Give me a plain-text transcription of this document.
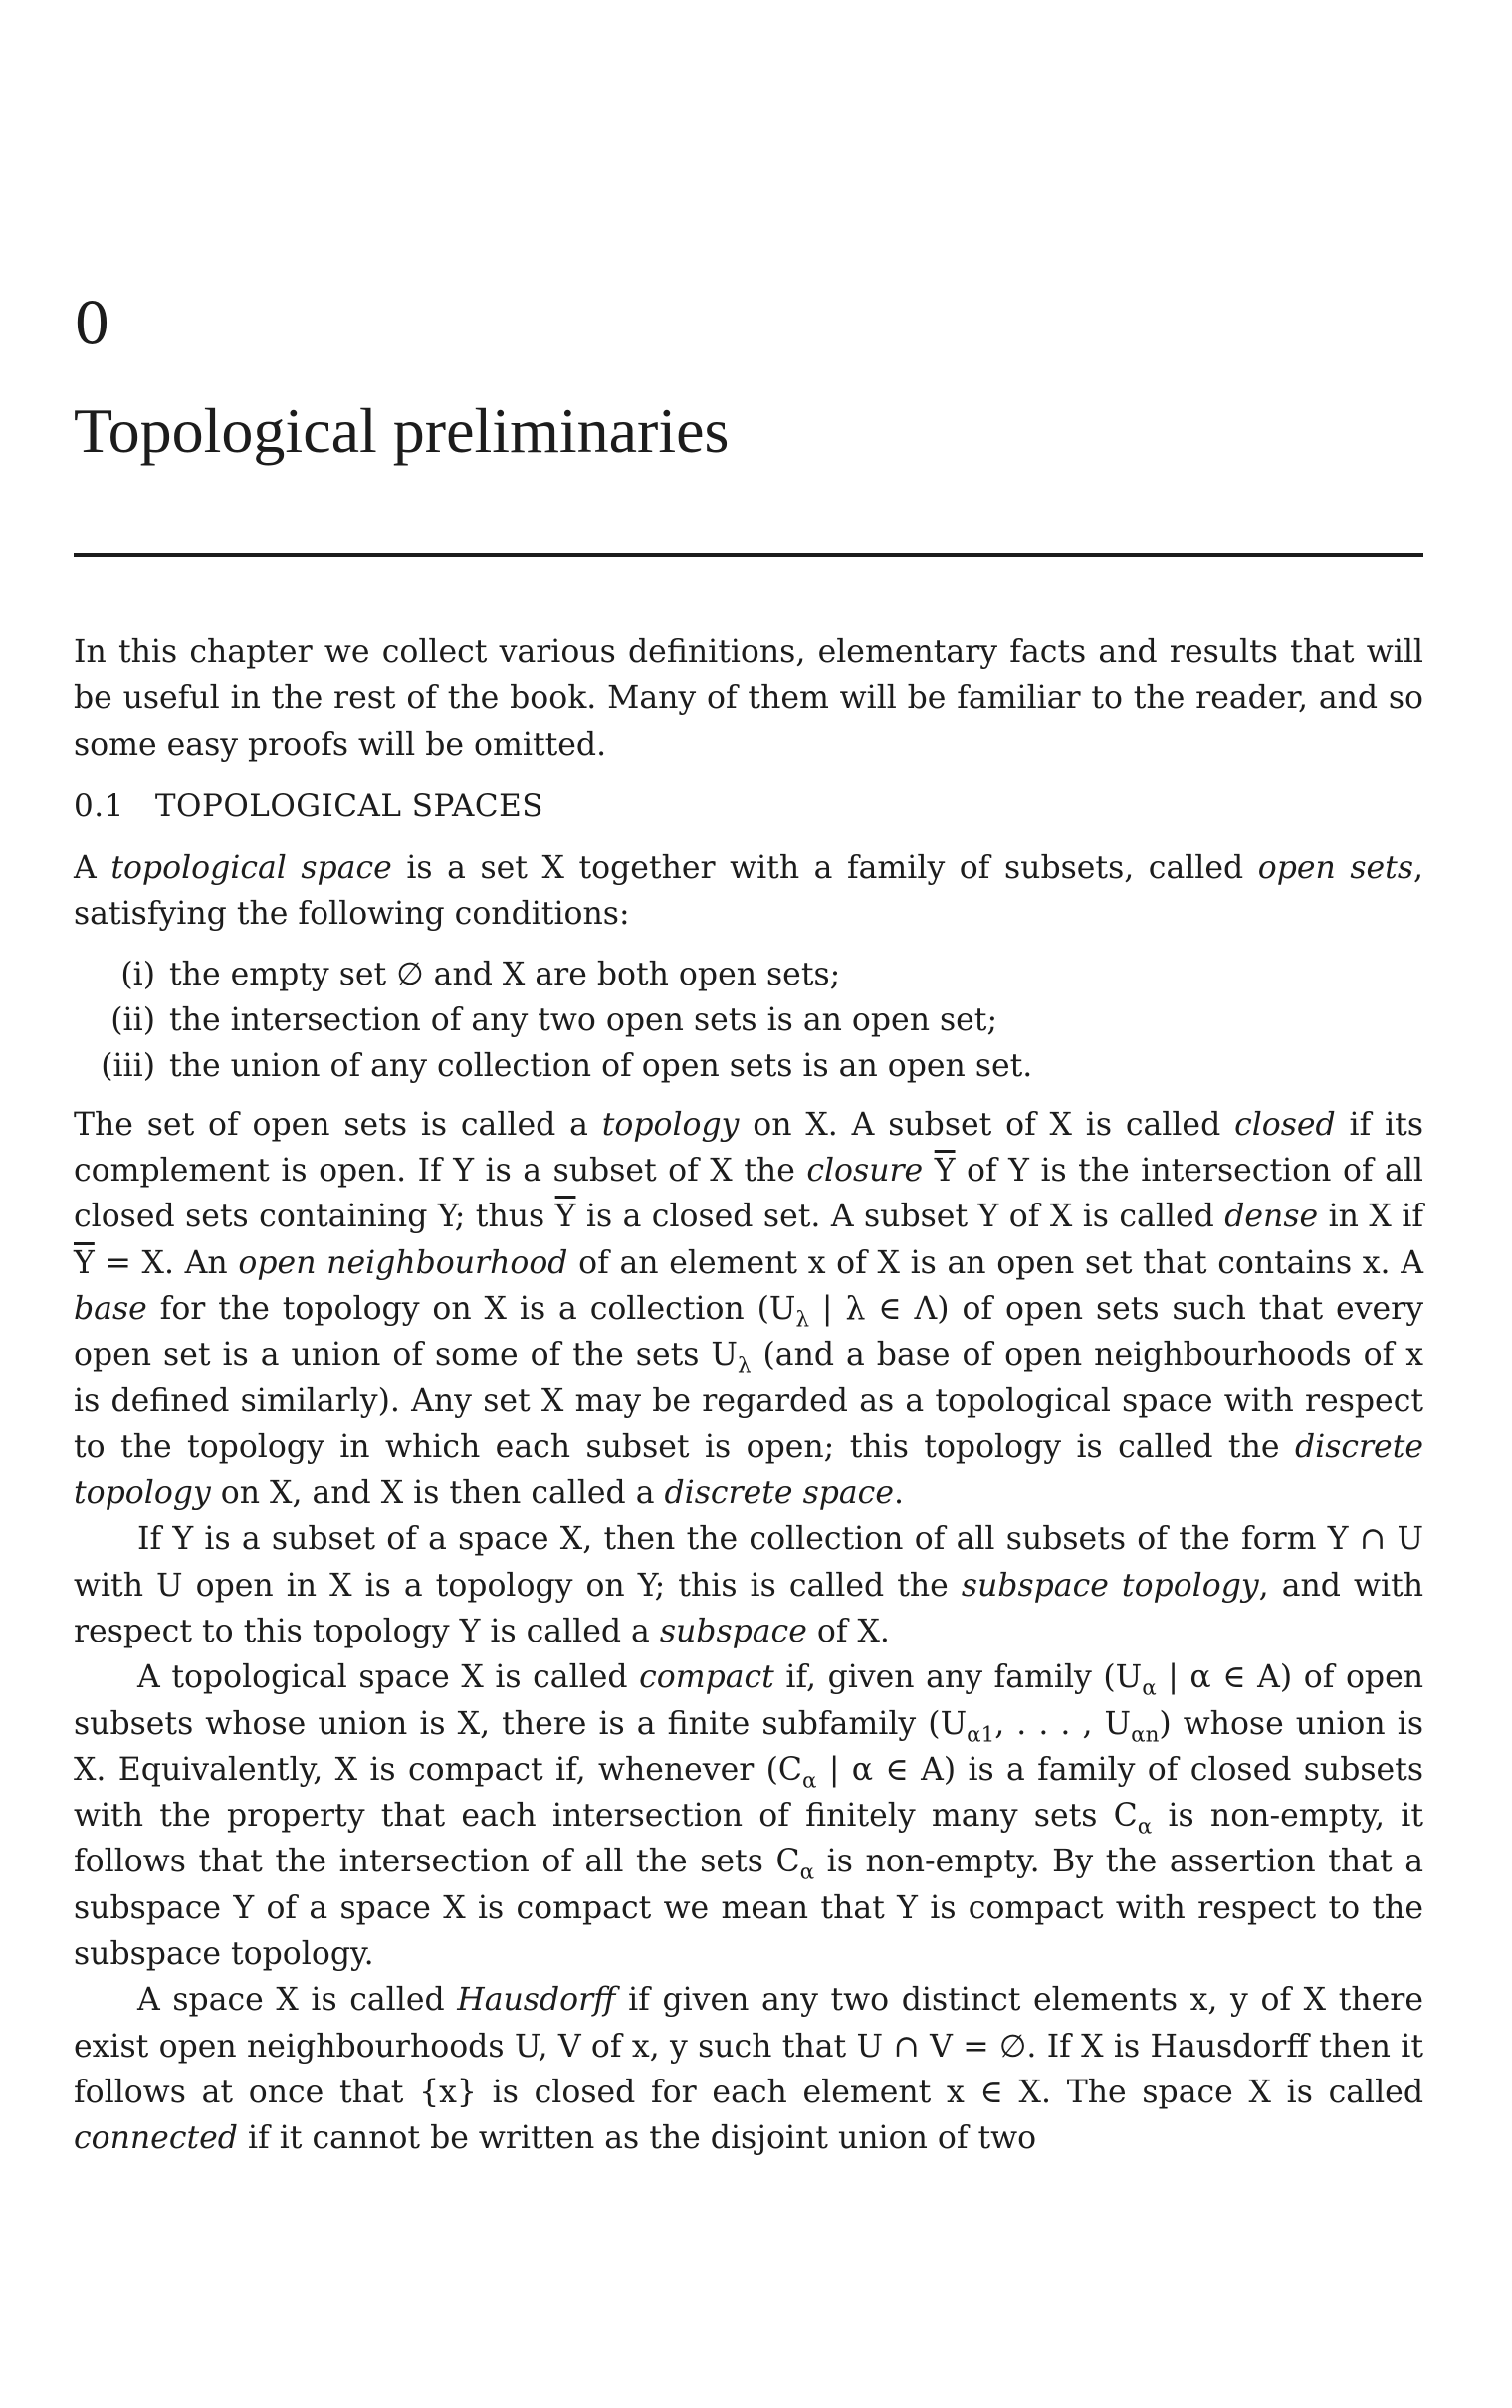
0
Topological preliminaries

In this chapter we collect various definitions, elementary facts and results that will be useful in the rest of the book. Many of them will be familiar to the reader, and so some easy proofs will be omitted.

0.1 TOPOLOGICAL SPACES

A topological space is a set X together with a family of subsets, called open sets, satisfying the following conditions:

(i) the empty set ∅ and X are both open sets;
(ii) the intersection of any two open sets is an open set;
(iii) the union of any collection of open sets is an open set.

The set of open sets is called a topology on X. A subset of X is called closed if its complement is open. If Y is a subset of X the closure $\overline{Y}$ of Y is the intersection of all closed sets containing Y; thus $\overline{Y}$ is a closed set. A subset Y of X is called dense in X if $\overline{Y} = X$. An open neighbourhood of an element x of X is an open set that contains x. A base for the topology on X is a collection ($U_\lambda$ | λ ∈ Λ) of open sets such that every open set is a union of some of the sets $U_\lambda$ (and a base of open neighbourhoods of x is defined similarly). Any set X may be regarded as a topological space with respect to the topology in which each subset is open; this topology is called the discrete topology on X, and X is then called a discrete space.

If Y is a subset of a space X, then the collection of all subsets of the form Y ∩ U with U open in X is a topology on Y; this is called the subspace topology, and with respect to this topology Y is called a subspace of X.

A topological space X is called compact if, given any family ($U_\alpha$ | α ∈ A) of open subsets whose union is X, there is a finite subfamily ($U_{\alpha 1}$, . . . , $U_{\alpha n}$) whose union is X. Equivalently, X is compact if, whenever ($C_\alpha$ | α ∈ A) is a family of closed subsets with the property that each intersection of finitely many sets $C_\alpha$ is non-empty, it follows that the intersection of all the sets $C_\alpha$ is non-empty. By the assertion that a subspace Y of a space X is compact we mean that Y is compact with respect to the subspace topology.

A space X is called Hausdorff if given any two distinct elements x, y of X there exist open neighbourhoods U, V of x, y such that U ∩ V = ∅. If X is Hausdorff then it follows at once that {x} is closed for each element x ∈ X. The space X is called connected if it cannot be written as the disjoint union of two
